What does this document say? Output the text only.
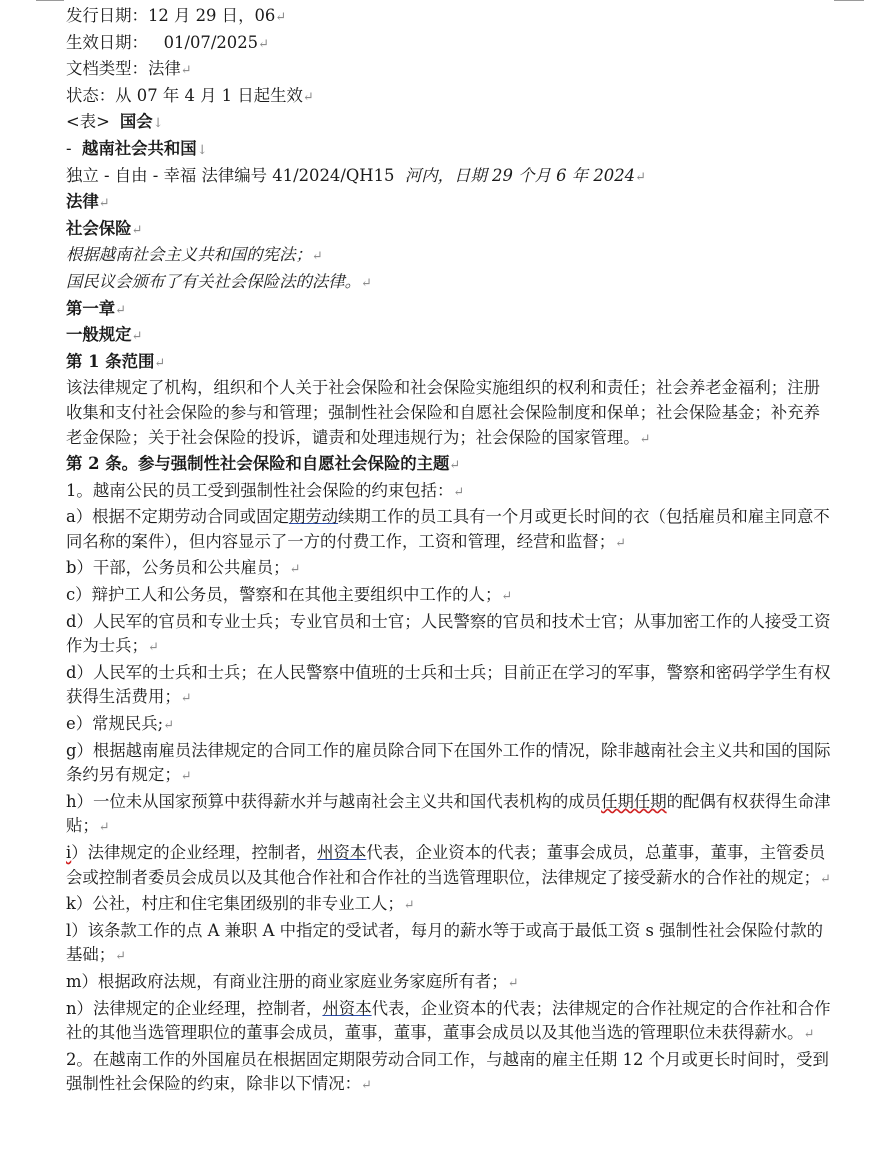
发行日期：12 月 29 日，06↵

生效日期：   01/07/2025↵

文档类型：法律↵

状态：从 07 年 4 月 1 日起生效↵

<表> 国会↓

- 越南社会共和国↓

独立 - 自由 - 幸福 法律编号 41/2024/QH15 河内，日期 29 个月 6 年 2024↵

法律↵

社会保险↵

根据越南社会主义共和国的宪法；↵

国民议会颁布了有关社会保险法的法律。↵

第一章↵

一般规定↵

第 1 条范围↵

该法律规定了机构，组织和个人关于社会保险和社会保险实施组织的权利和责任；社会养老金福利；注册收集和支付社会保险的参与和管理；强制性社会保险和自愿社会保险制度和保单；社会保险基金；补充养老金保险；关于社会保险的投诉，谴责和处理违规行为；社会保险的国家管理。↵

第 2 条。参与强制性社会保险和自愿社会保险的主题↵

1。越南公民的员工受到强制性社会保险的约束包括：↵

a）根据不定期劳动合同或固定期劳动续期工作的员工具有一个月或更长时间的衣（包括雇员和雇主同意不同名称的案件），但内容显示了一方的付费工作，工资和管理，经营和监督；↵

b）干部，公务员和公共雇员；↵

c）辩护工人和公务员，警察和在其他主要组织中工作的人；↵

d）人民军的官员和专业士兵；专业官员和士官；人民警察的官员和技术士官；从事加密工作的人接受工资作为士兵；↵

d）人民军的士兵和士兵；在人民警察中值班的士兵和士兵；目前正在学习的军事，警察和密码学学生有权获得生活费用；↵

e）常规民兵;↵

g）根据越南雇员法律规定的合同工作的雇员除合同下在国外工作的情况，除非越南社会主义共和国的国际条约另有规定；↵

h）一位未从国家预算中获得薪水并与越南社会主义共和国代表机构的成员任期任期的配偶有权获得生命津贴；↵

i）法律规定的企业经理，控制者，州资本代表，企业资本的代表；董事会成员，总董事，董事，主管委员会或控制者委员会成员以及其他合作社和合作社的当选管理职位，法律规定了接受薪水的合作社的规定；↵

k）公社，村庄和住宅集团级别的非专业工人；↵

l）该条款工作的点 A 兼职 A 中指定的受试者，每月的薪水等于或高于最低工资 s 强制性社会保险付款的基础；↵

m）根据政府法规，有商业注册的商业家庭业务家庭所有者；↵

n）法律规定的企业经理，控制者，州资本代表，企业资本的代表；法律规定的合作社规定的合作社和合作社的其他当选管理职位的董事会成员，董事，董事，董事会成员以及其他当选的管理职位未获得薪水。↵

2。在越南工作的外国雇员在根据固定期限劳动合同工作，与越南的雇主任期 12 个月或更长时间时，受到强制性社会保险的约束，除非以下情况：↵
